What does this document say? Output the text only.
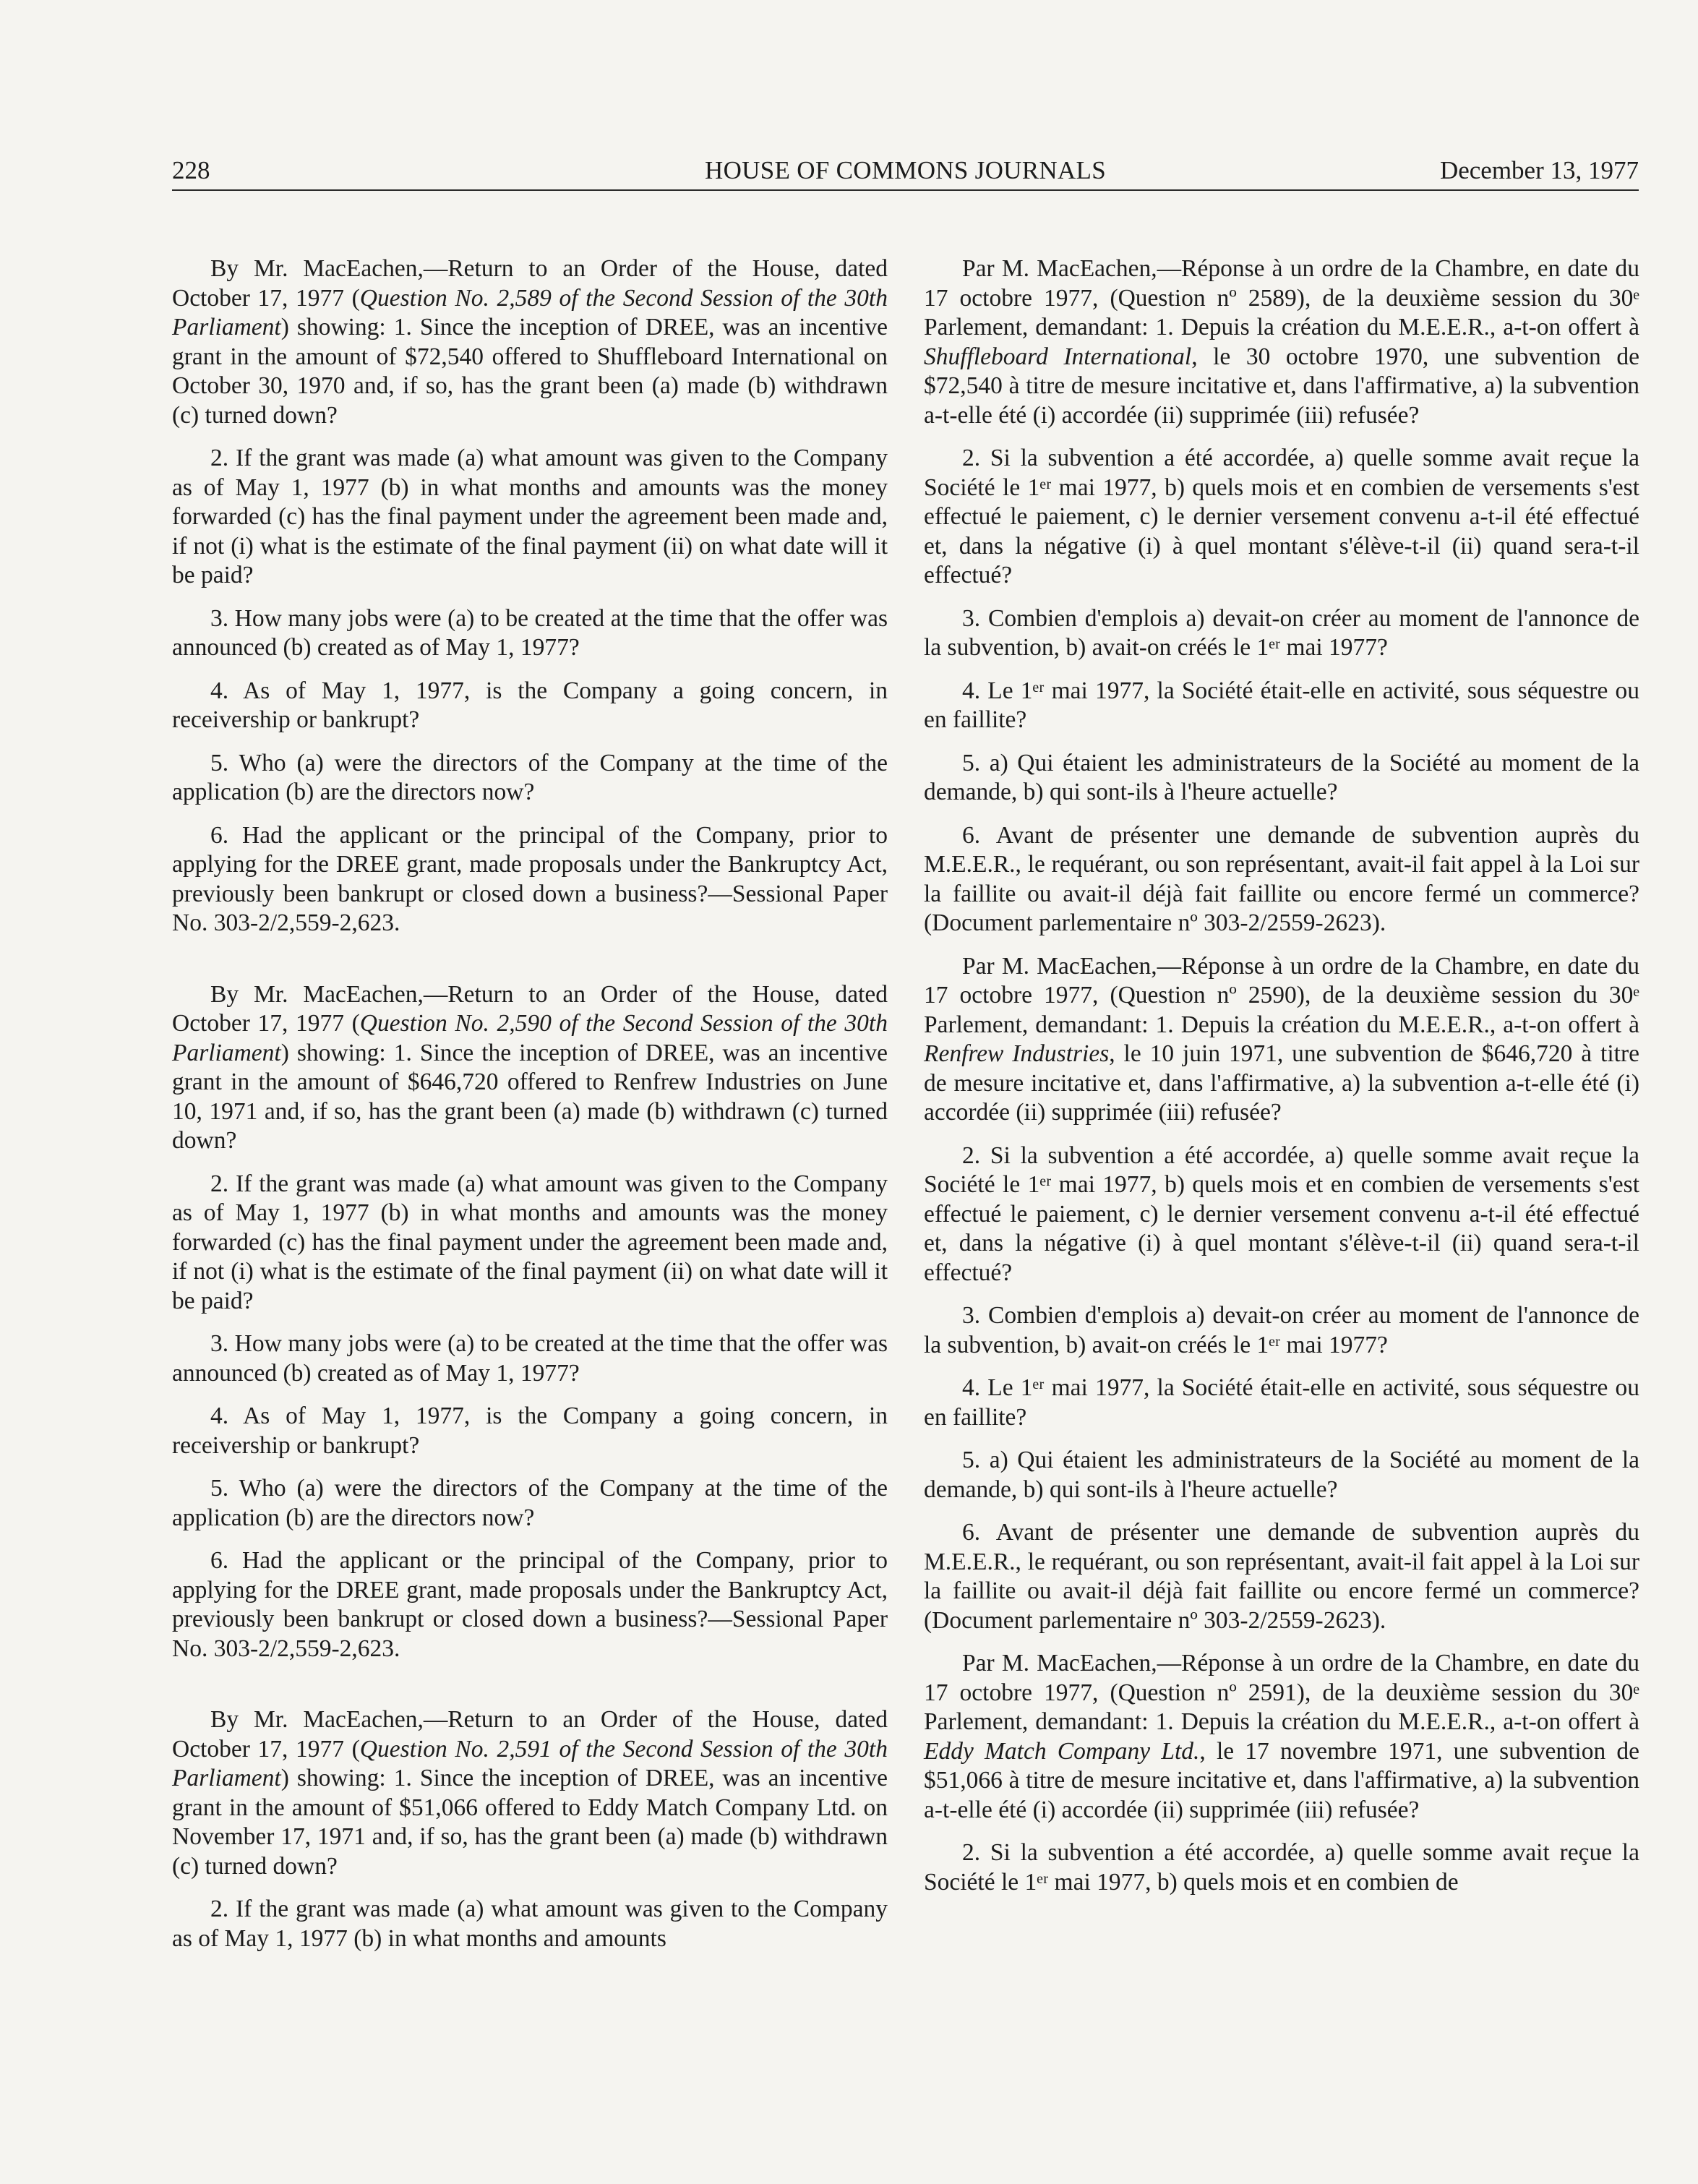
228	HOUSE OF COMMONS JOURNALS	December 13, 1977

By Mr. MacEachen,—Return to an Order of the House, dated October 17, 1977 (Question No. 2,589 of the Second Session of the 30th Parliament) showing: 1. Since the inception of DREE, was an incentive grant in the amount of $72,540 offered to Shuffleboard International on October 30, 1970 and, if so, has the grant been (a) made (b) withdrawn (c) turned down?

2. If the grant was made (a) what amount was given to the Company as of May 1, 1977 (b) in what months and amounts was the money forwarded (c) has the final payment under the agreement been made and, if not (i) what is the estimate of the final payment (ii) on what date will it be paid?

3. How many jobs were (a) to be created at the time that the offer was announced (b) created as of May 1, 1977?

4. As of May 1, 1977, is the Company a going concern, in receivership or bankrupt?

5. Who (a) were the directors of the Company at the time of the application (b) are the directors now?

6. Had the applicant or the principal of the Company, prior to applying for the DREE grant, made proposals under the Bankruptcy Act, previously been bankrupt or closed down a business?—Sessional Paper No. 303-2/2,559-2,623.

By Mr. MacEachen,—Return to an Order of the House, dated October 17, 1977 (Question No. 2,590 of the Second Session of the 30th Parliament) showing: 1. Since the inception of DREE, was an incentive grant in the amount of $646,720 offered to Renfrew Industries on June 10, 1971 and, if so, has the grant been (a) made (b) withdrawn (c) turned down?

2. If the grant was made (a) what amount was given to the Company as of May 1, 1977 (b) in what months and amounts was the money forwarded (c) has the final payment under the agreement been made and, if not (i) what is the estimate of the final payment (ii) on what date will it be paid?

3. How many jobs were (a) to be created at the time that the offer was announced (b) created as of May 1, 1977?

4. As of May 1, 1977, is the Company a going concern, in receivership or bankrupt?

5. Who (a) were the directors of the Company at the time of the application (b) are the directors now?

6. Had the applicant or the principal of the Company, prior to applying for the DREE grant, made proposals under the Bankruptcy Act, previously been bankrupt or closed down a business?—Sessional Paper No. 303-2/2,559-2,623.

By Mr. MacEachen,—Return to an Order of the House, dated October 17, 1977 (Question No. 2,591 of the Second Session of the 30th Parliament) showing: 1. Since the inception of DREE, was an incentive grant in the amount of $51,066 offered to Eddy Match Company Ltd. on November 17, 1971 and, if so, has the grant been (a) made (b) withdrawn (c) turned down?

2. If the grant was made (a) what amount was given to the Company as of May 1, 1977 (b) in what months and amounts

Par M. MacEachen,—Réponse à un ordre de la Chambre, en date du 17 octobre 1977, (Question nº 2589), de la deuxième session du 30ᵉ Parlement, demandant: 1. Depuis la création du M.E.E.R., a-t-on offert à Shuffleboard International, le 30 octobre 1970, une subvention de $72,540 à titre de mesure incitative et, dans l'affirmative, a) la subvention a-t-elle été (i) accordée (ii) supprimée (iii) refusée?

2. Si la subvention a été accordée, a) quelle somme avait reçue la Société le 1ᵉʳ mai 1977, b) quels mois et en combien de versements s'est effectué le paiement, c) le dernier versement convenu a-t-il été effectué et, dans la négative (i) à quel montant s'élève-t-il (ii) quand sera-t-il effectué?

3. Combien d'emplois a) devait-on créer au moment de l'annonce de la subvention, b) avait-on créés le 1ᵉʳ mai 1977?

4. Le 1ᵉʳ mai 1977, la Société était-elle en activité, sous séquestre ou en faillite?

5. a) Qui étaient les administrateurs de la Société au moment de la demande, b) qui sont-ils à l'heure actuelle?

6. Avant de présenter une demande de subvention auprès du M.E.E.R., le requérant, ou son représentant, avait-il fait appel à la Loi sur la faillite ou avait-il déjà fait faillite ou encore fermé un commerce? (Document parlementaire nº 303-2/2559-2623).

Par M. MacEachen,—Réponse à un ordre de la Chambre, en date du 17 octobre 1977, (Question nº 2590), de la deuxième session du 30ᵉ Parlement, demandant: 1. Depuis la création du M.E.E.R., a-t-on offert à Renfrew Industries, le 10 juin 1971, une subvention de $646,720 à titre de mesure incitative et, dans l'affirmative, a) la subvention a-t-elle été (i) accordée (ii) supprimée (iii) refusée?

2. Si la subvention a été accordée, a) quelle somme avait reçue la Société le 1ᵉʳ mai 1977, b) quels mois et en combien de versements s'est effectué le paiement, c) le dernier versement convenu a-t-il été effectué et, dans la négative (i) à quel montant s'élève-t-il (ii) quand sera-t-il effectué?

3. Combien d'emplois a) devait-on créer au moment de l'annonce de la subvention, b) avait-on créés le 1ᵉʳ mai 1977?

4. Le 1ᵉʳ mai 1977, la Société était-elle en activité, sous séquestre ou en faillite?

5. a) Qui étaient les administrateurs de la Société au moment de la demande, b) qui sont-ils à l'heure actuelle?

6. Avant de présenter une demande de subvention auprès du M.E.E.R., le requérant, ou son représentant, avait-il fait appel à la Loi sur la faillite ou avait-il déjà fait faillite ou encore fermé un commerce? (Document parlementaire nº 303-2/2559-2623).

Par M. MacEachen,—Réponse à un ordre de la Chambre, en date du 17 octobre 1977, (Question nº 2591), de la deuxième session du 30ᵉ Parlement, demandant: 1. Depuis la création du M.E.E.R., a-t-on offert à Eddy Match Company Ltd., le 17 novembre 1971, une subvention de $51,066 à titre de mesure incitative et, dans l'affirmative, a) la subvention a-t-elle été (i) accordée (ii) supprimée (iii) refusée?

2. Si la subvention a été accordée, a) quelle somme avait reçue la Société le 1ᵉʳ mai 1977, b) quels mois et en combien de
